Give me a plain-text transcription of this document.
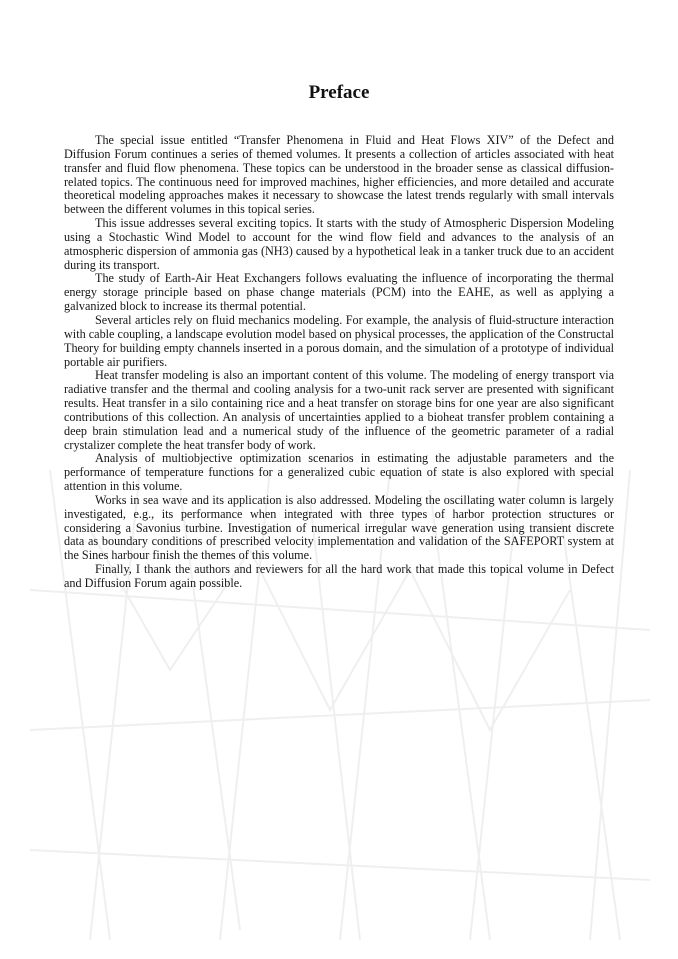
Preface

The special issue entitled “Transfer Phenomena in Fluid and Heat Flows XIV” of the Defect and Diffusion Forum continues a series of themed volumes. It presents a collection of articles associated with heat transfer and fluid flow phenomena. These topics can be understood in the broader sense as classical diffusion-related topics. The continuous need for improved machines, higher efficiencies, and more detailed and accurate theoretical modeling approaches makes it necessary to showcase the latest trends regularly with small intervals between the different volumes in this topical series.

This issue addresses several exciting topics. It starts with the study of Atmospheric Dispersion Modeling using a Stochastic Wind Model to account for the wind flow field and advances to the analysis of an atmospheric dispersion of ammonia gas (NH3) caused by a hypothetical leak in a tanker truck due to an accident during its transport.

The study of Earth-Air Heat Exchangers follows evaluating the influence of incorporating the thermal energy storage principle based on phase change materials (PCM) into the EAHE, as well as applying a galvanized block to increase its thermal potential.

Several articles rely on fluid mechanics modeling. For example, the analysis of fluid-structure interaction with cable coupling, a landscape evolution model based on physical processes, the application of the Constructal Theory for building empty channels inserted in a porous domain, and the simulation of a prototype of individual portable air purifiers.

Heat transfer modeling is also an important content of this volume. The modeling of energy transport via radiative transfer and the thermal and cooling analysis for a two-unit rack server are presented with significant results. Heat transfer in a silo containing rice and a heat transfer on storage bins for one year are also significant contributions of this collection. An analysis of uncertainties applied to a bioheat transfer problem containing a deep brain stimulation lead and a numerical study of the influence of the geometric parameter of a radial crystalizer complete the heat transfer body of work.

Analysis of multiobjective optimization scenarios in estimating the adjustable parameters and the performance of temperature functions for a generalized cubic equation of state is also explored with special attention in this volume.

Works in sea wave and its application is also addressed. Modeling the oscillating water column is largely investigated, e.g., its performance when integrated with three types of harbor protection structures or considering a Savonius turbine. Investigation of numerical irregular wave generation using transient discrete data as boundary conditions of prescribed velocity implementation and validation of the SAFEPORT system at the Sines harbour finish the themes of this volume.

Finally, I thank the authors and reviewers for all the hard work that made this topical volume in Defect and Diffusion Forum again possible.
